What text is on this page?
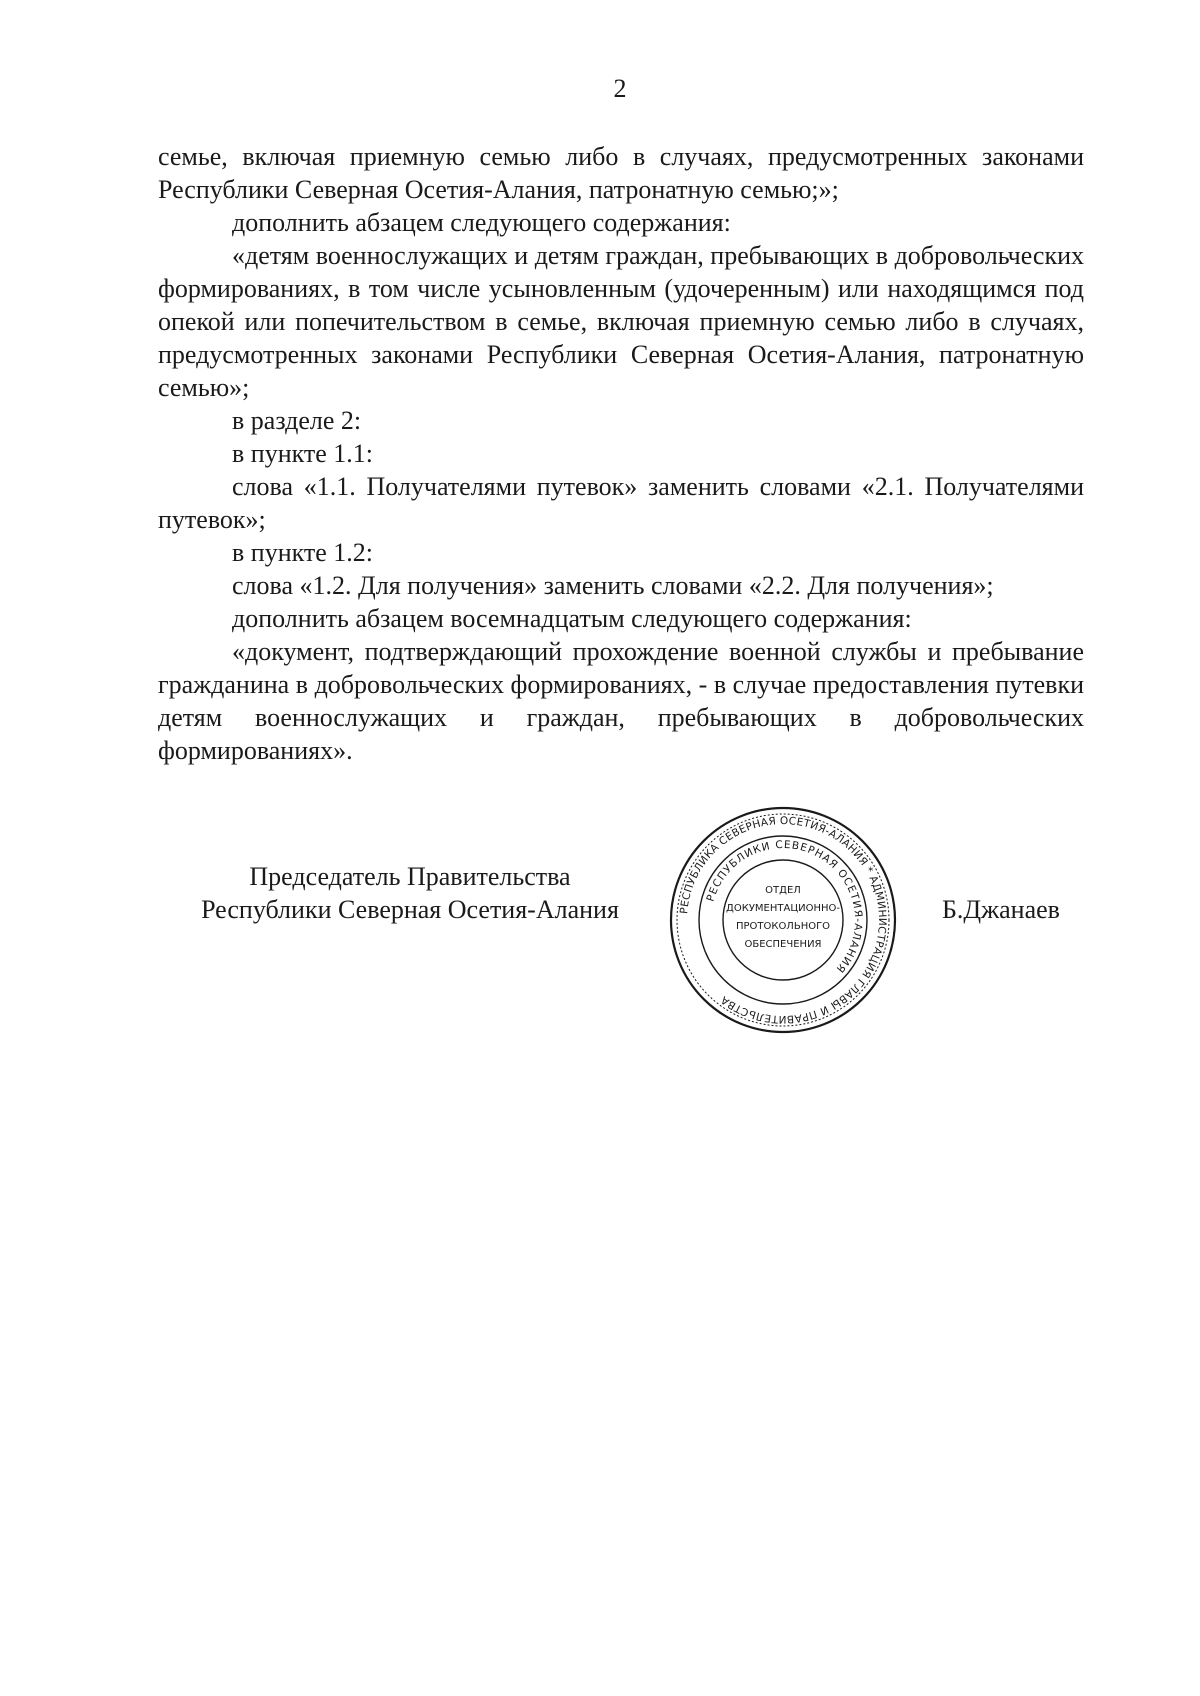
2

семье, включая приемную семью либо в случаях, предусмотренных законами Республики Северная Осетия-Алания, патронатную семью;»;

дополнить абзацем следующего содержания:

«детям военнослужащих и детям граждан, пребывающих в добровольческих формированиях, в том числе усыновленным (удочеренным) или находящимся под опекой или попечительством в семье, включая приемную семью либо в случаях, предусмотренных законами Республики Северная Осетия-Алания, патронатную семью»;

в разделе 2:

в пункте 1.1:

слова «1.1. Получателями путевок» заменить словами «2.1. Получателями путевок»;

в пункте 1.2:

слова «1.2. Для получения» заменить словами «2.2. Для получения»;

дополнить абзацем восемнадцатым следующего содержания:

«документ, подтверждающий прохождение военной службы и пребывание гражданина в добровольческих формированиях, - в случае предоставления путевки детям военнослужащих и граждан, пребывающих в добровольческих формированиях».

Председатель Правительства
Республики Северная Осетия-Алания	РЕСПУБЛИКА СЕВЕРНАЯ ОСЕТИЯ-АЛАНИЯ * АДМИНИСТРАЦИЯ ГЛАВЫ И ПРАВИТЕЛЬСТВА
РЕСПУБЛИКИ СЕВЕРНАЯ ОСЕТИЯ-АЛАНИЯ
ОТДЕЛ
ДОКУМЕНТАЦИОННО-
ПРОТОКОЛЬНОГО
ОБЕСПЕЧЕНИЯ
Б.Джанаев
